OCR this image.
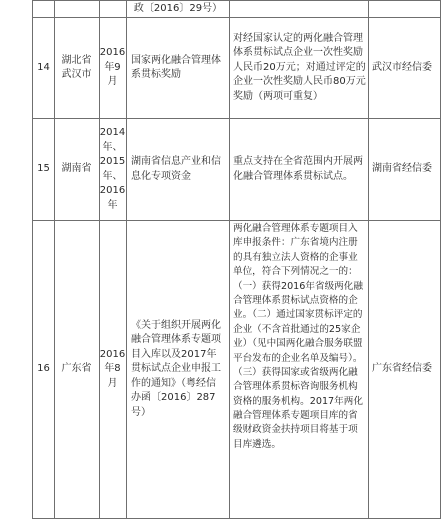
政〔2016〕29号）
14
湖北省武汉市
2016年9月
国家两化融合管理体系贯标奖励
对经国家认定的两化融合管理体系贯标试点企业一次性奖励人民币20万元；对通过评定的企业一次性奖励人民币80万元奖励（两项可重复）
武汉市经信委
15 湖南省
2014年、2015年、2016年
湖南省信息产业和信息化专项资金
重点支持在全省范围内开展两化融合管理体系贯标试点。
湖南省经信委
16 广东省
2016年8月
《关于组织开展两化融合管理体系专题项目入库以及2017年贯标试点企业申报工作的通知》（粤经信办函〔2016〕287号）
两化融合管理体系专题项目入库申报条件：广东省境内注册的具有独立法人资格的企事业单位，符合下列情况之一的：（一）获得2016年省级两化融合管理体系贯标试点资格的企业。（二）通过国家贯标评定的企业（不含首批通过的25家企业）（见中国两化融合服务联盟平台发布的企业名单及编号）。（三）获得国家或省级两化融合管理体系贯标咨询服务机构资格的服务机构。2017年两化融合管理体系专题项目库的省级财政资金扶持项目将基于项目库遴选。
广东省经信委
